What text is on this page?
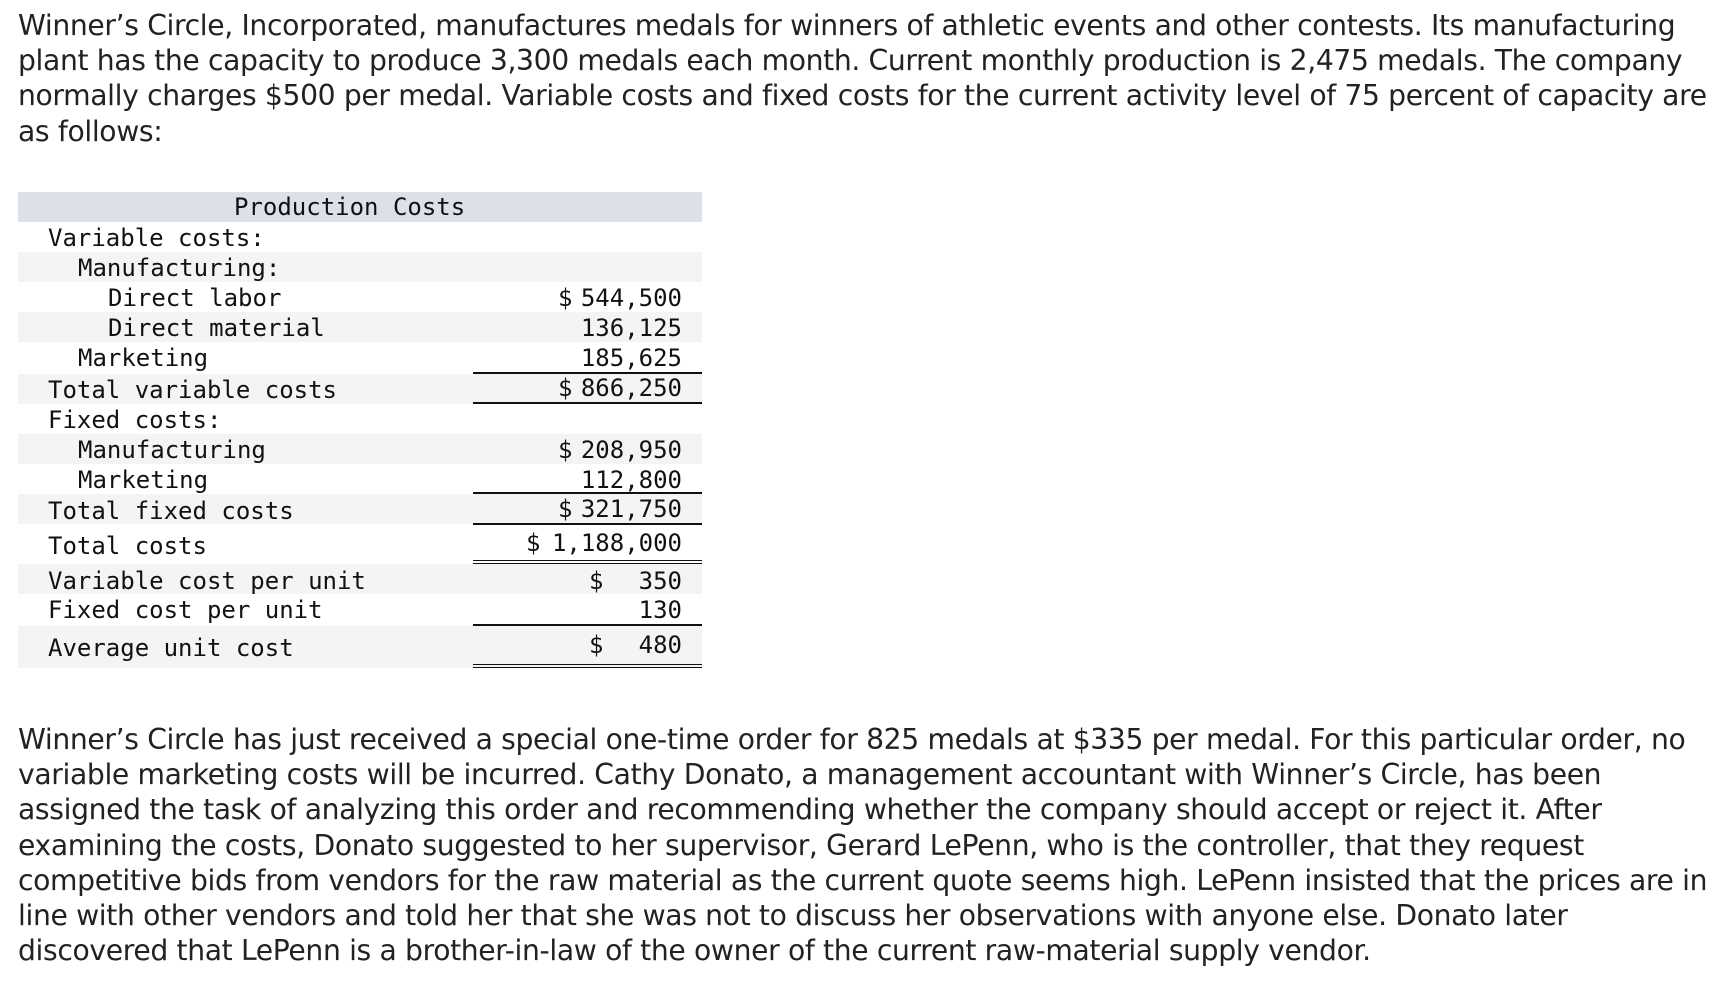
Winner’s Circle, Incorporated, manufactures medals for winners of athletic events and other contests. Its manufacturing
plant has the capacity to produce 3,300 medals each month. Current monthly production is 2,475 medals. The company
normally charges $500 per medal. Variable costs and fixed costs for the current activity level of 75 percent of capacity are
as follows:
Production Costs
Variable costs:
Manufacturing:
Direct labor	$ 544,500
Direct material	136,125
Marketing	185,625
Total variable costs	$ 866,250
Fixed costs:
Manufacturing	$ 208,950
Marketing	112,800
Total fixed costs	$ 321,750
Total costs	$ 1,188,000
Variable cost per unit	$ 350
Fixed cost per unit	130
Average unit cost	$ 480
Winner’s Circle has just received a special one-time order for 825 medals at $335 per medal. For this particular order, no
variable marketing costs will be incurred. Cathy Donato, a management accountant with Winner’s Circle, has been
assigned the task of analyzing this order and recommending whether the company should accept or reject it. After
examining the costs, Donato suggested to her supervisor, Gerard LePenn, who is the controller, that they request
competitive bids from vendors for the raw material as the current quote seems high. LePenn insisted that the prices are in
line with other vendors and told her that she was not to discuss her observations with anyone else. Donato later
discovered that LePenn is a brother-in-law of the owner of the current raw-material supply vendor.
